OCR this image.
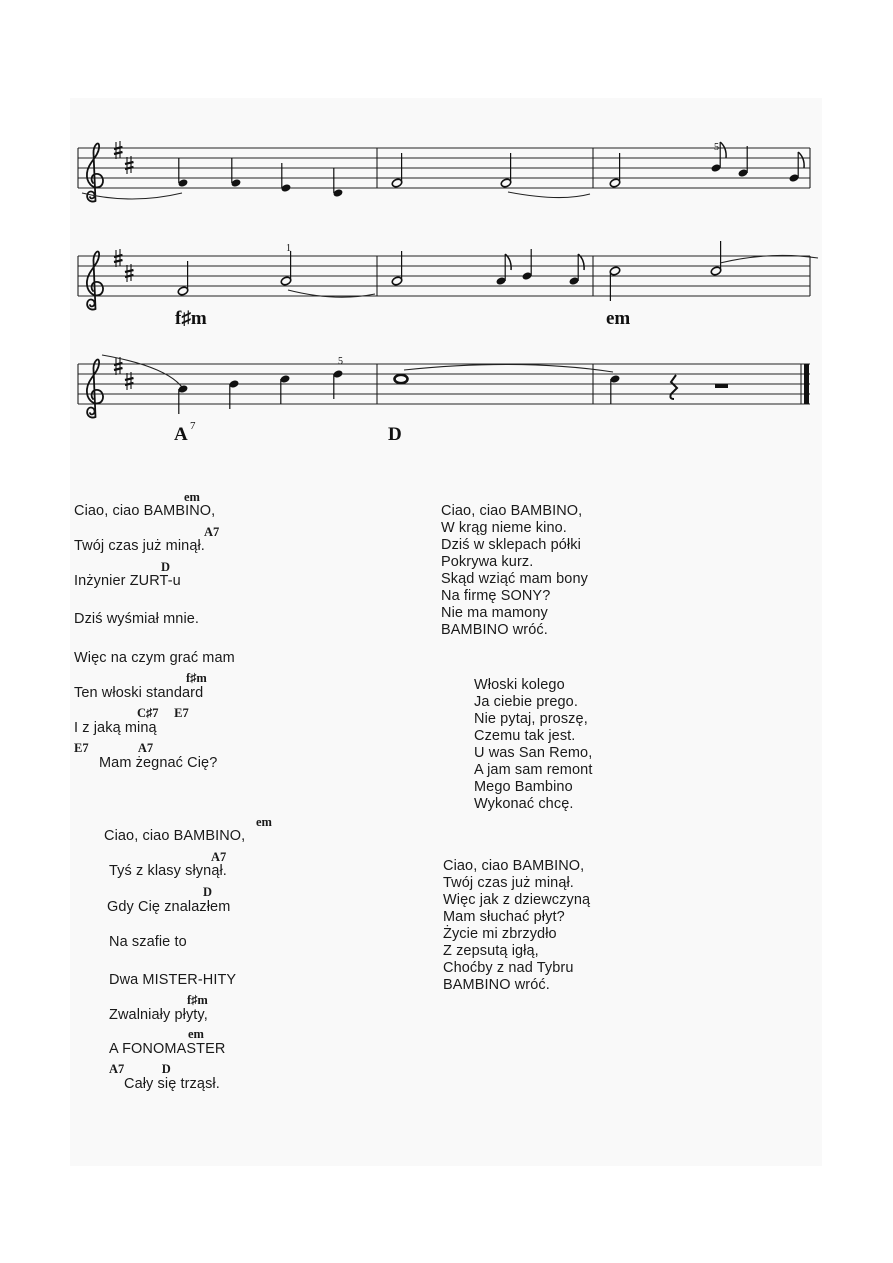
5
1
5
f♯m	em
A 7	D
em
Ciao, ciao BAMBINO,
A7
Twój czas już minął.
D
Inżynier ZURT-u
Dziś wyśmiał mnie.
Więc na czym grać mam
f♯m
Ten włoski standard
C♯7     E7
I z jaką miną
E7                A7
Mam żegnać Cię?
em
Ciao, ciao BAMBINO,
A7
Tyś z klasy słynął.
D
Gdy Cię znalazłem
Na szafie to
Dwa MISTER-HITY
f♯m
Zwalniały płyty,
em
A FONOMASTER
A7            D
Cały się trząsł.
Ciao, ciao BAMBINO,
W krąg nieme kino.
Dziś w sklepach półki
Pokrywa kurz.
Skąd wziąć mam bony
Na firmę SONY?
Nie ma mamony
BAMBINO wróć.
Włoski kolego
Ja ciebie prego.
Nie pytaj, proszę,
Czemu tak jest.
U was San Remo,
A jam sam remont
Mego Bambino
Wykonać chcę.
Ciao, ciao BAMBINO,
Twój czas już minął.
Więc jak z dziewczyną
Mam słuchać płyt?
Życie mi zbrzydło
Z zepsutą igłą,
Choćby z nad Tybru
BAMBINO wróć.
